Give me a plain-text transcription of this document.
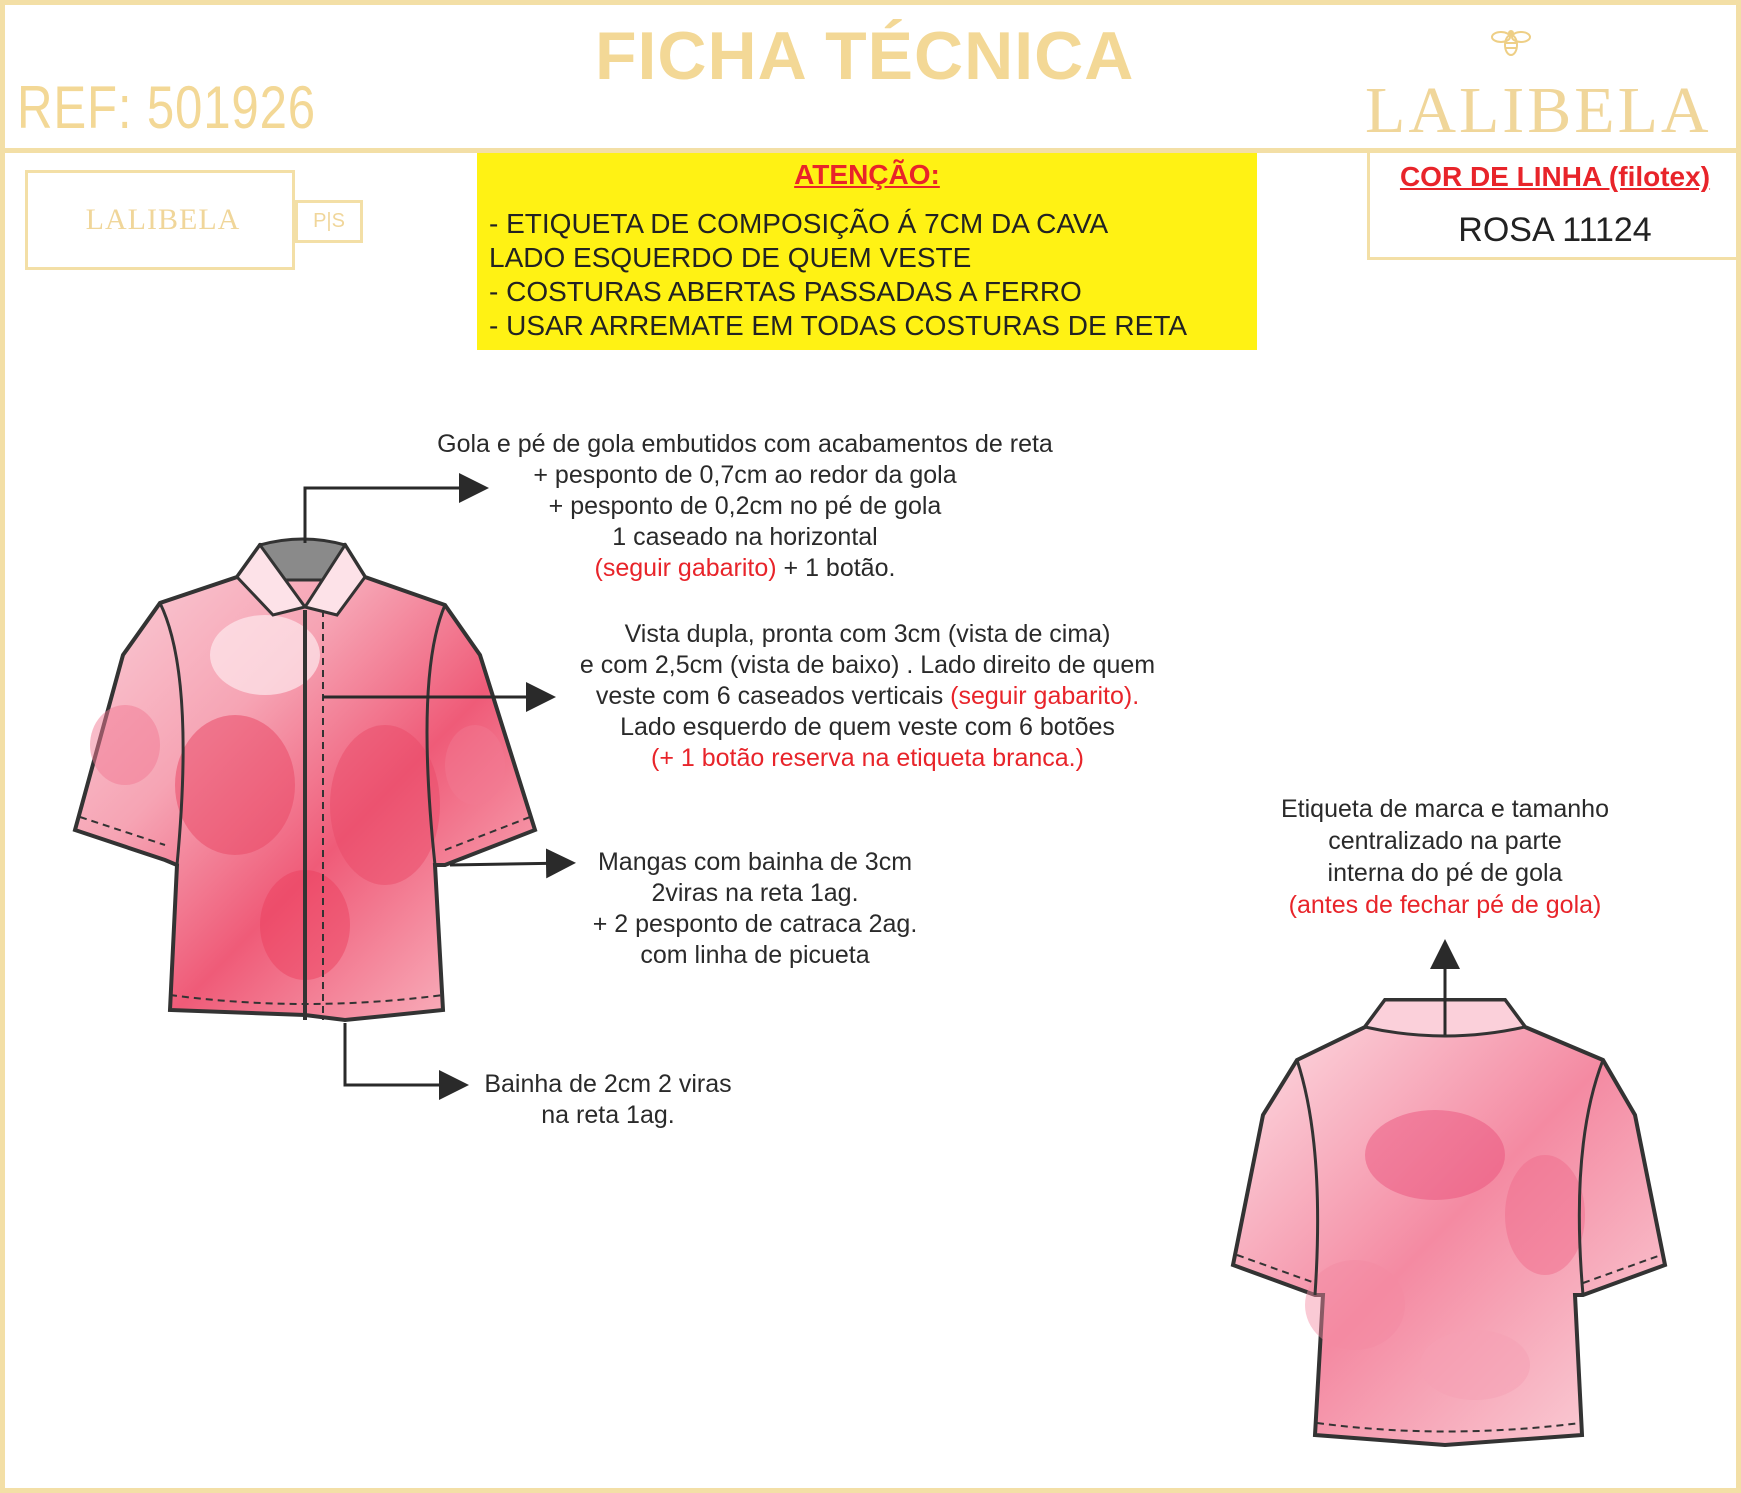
REF: 501926
FICHA TÉCNICA
LALIBELA
LALIBELA	P|S
ATENÇÃO:
- ETIQUETA DE COMPOSIÇÃO Á 7CM DA CAVA
LADO ESQUERDO DE QUEM VESTE
- COSTURAS ABERTAS PASSADAS A FERRO
- USAR ARREMATE EM TODAS COSTURAS DE RETA
COR DE LINHA (filotex)
ROSA 11124
Gola e pé de gola embutidos com acabamentos de reta
+ pesponto de 0,7cm ao redor da gola
+ pesponto de 0,2cm no pé de gola
1 caseado na horizontal
(seguir gabarito) + 1 botão.
Vista dupla, pronta com 3cm (vista de cima)
e com 2,5cm (vista de baixo) . Lado direito de quem
veste com 6 caseados verticais (seguir gabarito).
Lado esquerdo de quem veste com 6 botões
(+ 1 botão reserva na etiqueta branca.)
Mangas com bainha de 3cm
2viras na reta 1ag.
+ 2 pesponto de catraca 2ag.
com linha de picueta
Bainha de 2cm 2 viras
na reta 1ag.
Etiqueta de marca e tamanho
centralizado na parte
interna do pé de gola
(antes de fechar pé de gola)
